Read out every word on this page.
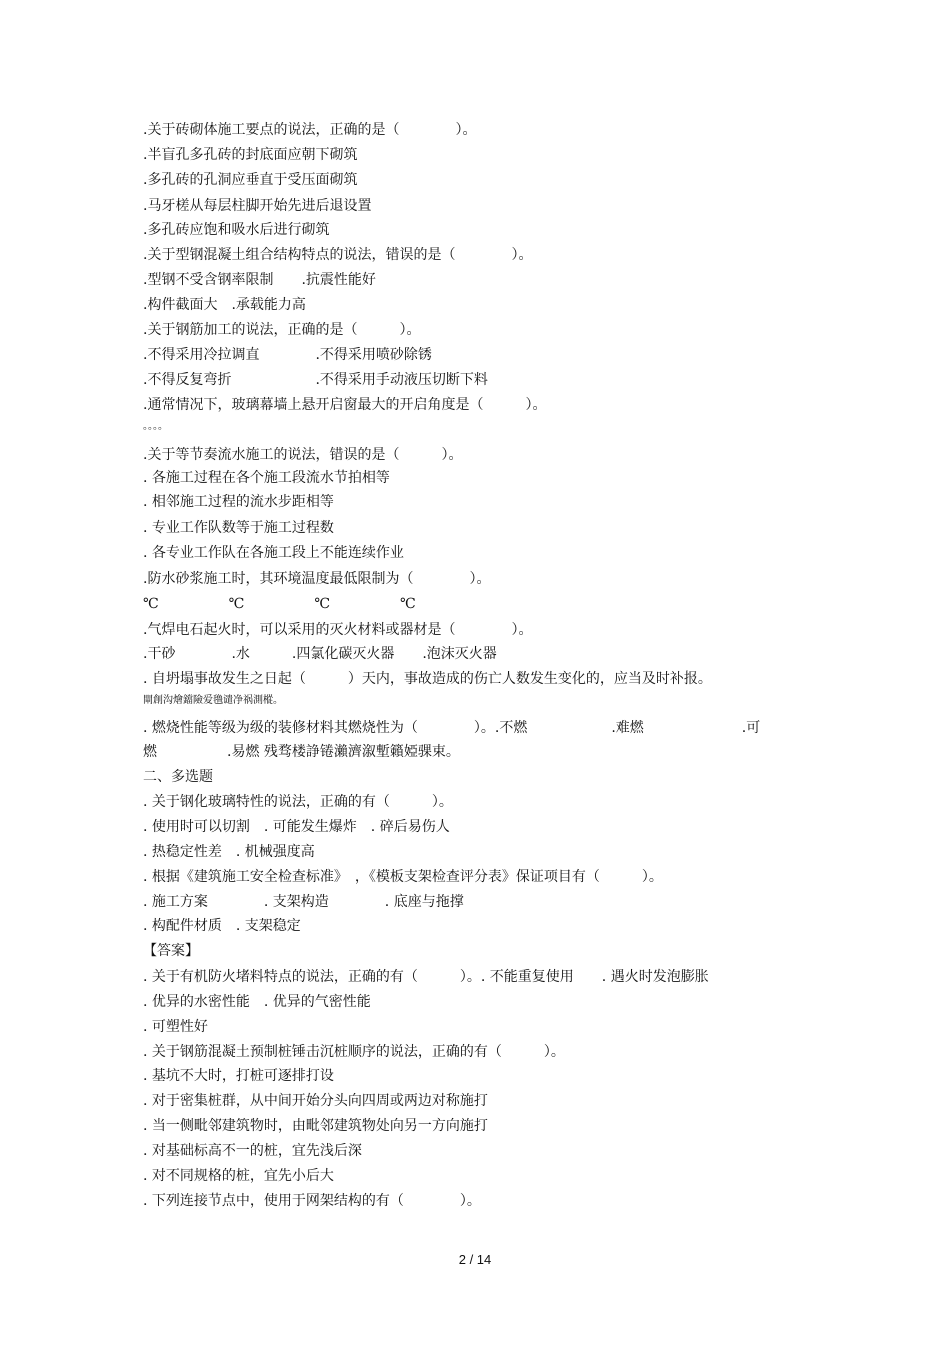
.关于砖砌体施工要点的说法，正确的是（　　　　）。
.半盲孔多孔砖的封底面应朝下砌筑
.多孔砖的孔洞应垂直于受压面砌筑
.马牙槎从每层柱脚开始先进后退设置
.多孔砖应饱和吸水后进行砌筑
.关于型钢混凝土组合结构特点的说法，错误的是（　　　　）。
.型钢不受含钢率限制　　.抗震性能好
.构件截面大　.承载能力高
.关于钢筋加工的说法，正确的是（　　　）。
.不得采用冷拉调直　　　　.不得采用喷砂除锈
.不得反复弯折　　　　　　.不得采用手动液压切断下料
.通常情况下，玻璃幕墙上悬开启窗最大的开启角度是（　　　）。
。。。。
.关于等节奏流水施工的说法，错误的是（　　　）。
. 各施工过程在各个施工段流水节拍相等
. 相邻施工过程的流水步距相等
. 专业工作队数等于施工过程数
. 各专业工作队在各施工段上不能连续作业
.防水砂浆施工时，其环境温度最低限制为（　　　　）。
℃　　　　　℃　　　　　℃　　　　　℃
.气焊电石起火时，可以采用的灭火材料或器材是（　　　　）。
.干砂　　　　.水　　　.四氯化碳灭火器　　.泡沫灭火器
. 自坍塌事故发生之日起（　　　）天内，事故造成的伤亡人数发生变化的，应当及时补报。
閘創沟燴鐺險爱氇谴净祸測樅。
. 燃烧性能等级为级的装修材料其燃烧性为（　　　　）。.不燃　　　　　　.难燃　　　　　　　.可
燃　　　　　.易燃 残骛楼諍锩瀨濟溆塹籟婭骒束。
二、多选题
. 关于钢化玻璃特性的说法，正确的有（　　　）。
. 使用时可以切割　. 可能发生爆炸　. 碎后易伤人
. 热稳定性差　. 机械强度高
. 根据《建筑施工安全检查标准》　，《模板支架检查评分表》保证项目有（　　　）。
. 施工方案　　　　. 支架构造　　　　. 底座与拖撑
. 构配件材质　. 支架稳定
【答案】
. 关于有机防火堵料特点的说法，正确的有（　　　）。. 不能重复使用　　. 遇火时发泡膨胀
. 优异的水密性能　. 优异的气密性能
. 可塑性好
. 关于钢筋混凝土预制桩锤击沉桩顺序的说法，正确的有（　　　）。
. 基坑不大时，打桩可逐排打设
. 对于密集桩群，从中间开始分头向四周或两边对称施打
. 当一侧毗邻建筑物时，由毗邻建筑物处向另一方向施打
. 对基础标高不一的桩，宜先浅后深
. 对不同规格的桩，宜先小后大
. 下列连接节点中，使用于网架结构的有（　　　　）。
2 / 14
